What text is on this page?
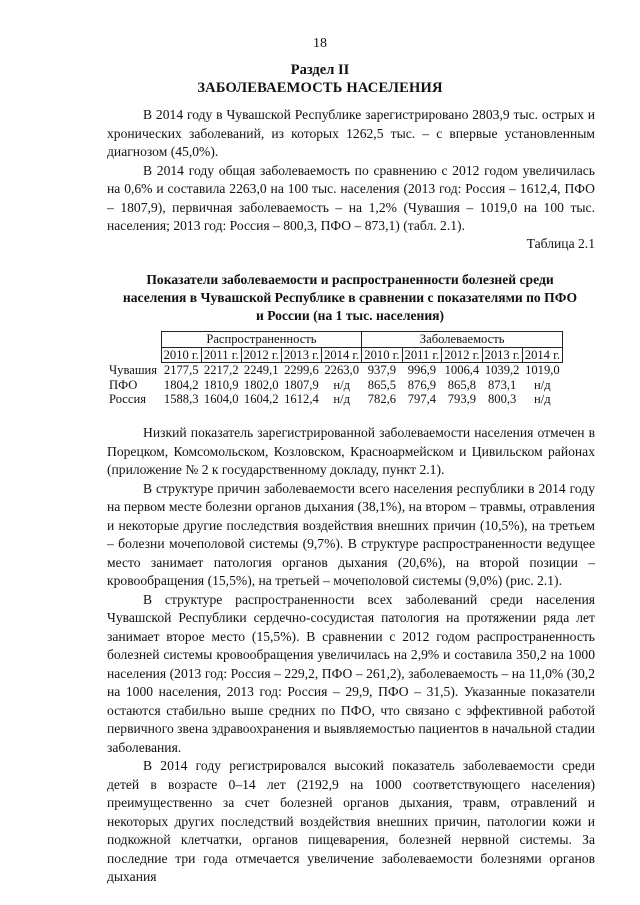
18
Раздел II
ЗАБОЛЕВАЕМОСТЬ НАСЕЛЕНИЯ

В 2014 году в Чувашской Республике зарегистрировано 2803,9 тыс. острых и хронических заболеваний, из которых 1262,5 тыс. – с впервые установленным диагнозом (45,0%).

В 2014 году общая заболеваемость по сравнению с 2012 годом увеличилась на 0,6% и составила 2263,0 на 100 тыс. населения (2013 год: Россия – 1612,4, ПФО – 1807,9), первичная заболеваемость – на 1,2% (Чувашия – 1019,0 на 100 тыс. населения; 2013 год: Россия – 800,3, ПФО – 873,1) (табл. 2.1).

Таблица 2.1
Показатели заболеваемости и распространенности болезней среди населения в Чувашской Республике в сравнении с показателями по ПФО и России (на 1 тыс. населения)
	Распространенность					Заболеваемость				
	2010 г.	2011 г.	2012 г.	2013 г.	2014 г.	2010 г.	2011 г.	2012 г.	2013 г.	2014 г.
Чувашия	2177,5	2217,2	2249,1	2299,6	2263,0	937,9	996,9	1006,4	1039,2	1019,0
ПФО	1804,2	1810,9	1802,0	1807,9	н/д	865,5	876,9	865,8	873,1	н/д
Россия	1588,3	1604,0	1604,2	1612,4	н/д	782,6	797,4	793,9	800,3	н/д

Низкий показатель зарегистрированной заболеваемости населения отмечен в Порецком, Комсомольском, Козловском, Красноармейском и Цивильском районах (приложение № 2 к государственному докладу, пункт 2.1).

В структуре причин заболеваемости всего населения республики в 2014 году на первом месте болезни органов дыхания (38,1%), на втором – травмы, отравления и некоторые другие последствия воздействия внешних причин (10,5%), на третьем – болезни мочеполовой системы (9,7%). В структуре распространенности ведущее место занимает патология органов дыхания (20,6%), на второй позиции – кровообращения (15,5%), на третьей – мочеполовой системы (9,0%) (рис. 2.1).

В структуре распространенности всех заболеваний среди населения Чувашской Республики сердечно-сосудистая патология на протяжении ряда лет занимает второе место (15,5%). В сравнении с 2012 годом распространенность болезней системы кровообращения увеличилась на 2,9% и составила 350,2 на 1000 населения (2013 год: Россия – 229,2, ПФО – 261,2), заболеваемость – на 11,0% (30,2 на 1000 населения, 2013 год: Россия – 29,9, ПФО – 31,5). Указанные показатели остаются стабильно выше средних по ПФО, что связано с эффективной работой первичного звена здравоохранения и выявляемостью пациентов в начальной стадии заболевания.

В 2014 году регистрировался высокий показатель заболеваемости среди детей в возрасте 0–14 лет (2192,9 на 1000 соответствующего населения) преимущественно за счет болезней органов дыхания, травм, отравлений и некоторых других последствий воздействия внешних причин, патологии кожи и подкожной клетчатки, органов пищеварения, болезней нервной системы. За последние три года отмечается увеличение заболеваемости болезнями органов дыхания
